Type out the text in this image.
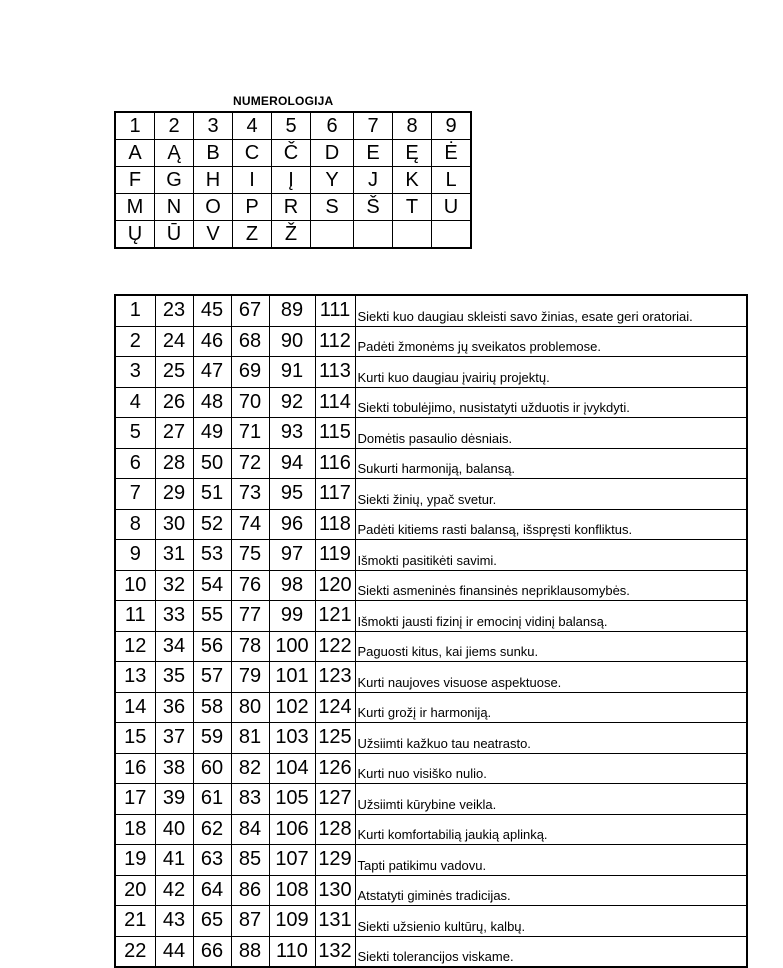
NUMEROLOGIJA
1	2	3	4	5	6	7	8	9
A	Ą	B	C	Č	D	E	Ę	Ė
F	G	H	I	Į	Y	J	K	L
M	N	O	P	R	S	Š	T	U
Ų	Ū	V	Z	Ž				
1	23	45	67	89	111	Siekti kuo daugiau skleisti savo žinias, esate geri oratoriai.
2	24	46	68	90	112	Padėti žmonėms jų sveikatos problemose.
3	25	47	69	91	113	Kurti kuo daugiau įvairių projektų.
4	26	48	70	92	114	Siekti tobulėjimo, nusistatyti užduotis ir įvykdyti.
5	27	49	71	93	115	Domėtis pasaulio dėsniais.
6	28	50	72	94	116	Sukurti harmoniją, balansą.
7	29	51	73	95	117	Siekti žinių, ypač svetur.
8	30	52	74	96	118	Padėti kitiems rasti balansą, išspręsti konfliktus.
9	31	53	75	97	119	Išmokti pasitikėti savimi.
10	32	54	76	98	120	Siekti asmeninės finansinės nepriklausomybės.
11	33	55	77	99	121	Išmokti jausti fizinį ir emocinį vidinį balansą.
12	34	56	78	100	122	Paguosti kitus, kai jiems sunku.
13	35	57	79	101	123	Kurti naujoves visuose aspektuose.
14	36	58	80	102	124	Kurti grožį ir harmoniją.
15	37	59	81	103	125	Užsiimti kažkuo tau neatrasto.
16	38	60	82	104	126	Kurti nuo visiško nulio.
17	39	61	83	105	127	Užsiimti kūrybine veikla.
18	40	62	84	106	128	Kurti komfortabilią jaukią aplinką.
19	41	63	85	107	129	Tapti patikimu vadovu.
20	42	64	86	108	130	Atstatyti giminės tradicijas.
21	43	65	87	109	131	Siekti užsienio kultūrų, kalbų.
22	44	66	88	110	132	Siekti tolerancijos viskame.
